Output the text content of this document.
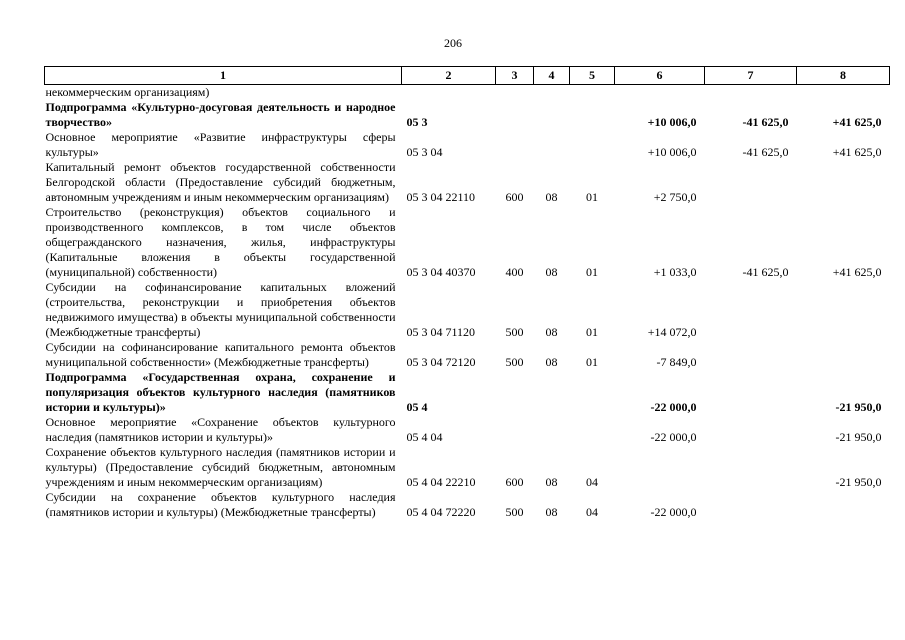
206
1	2	3	4	5	6	7	8
некоммерческим организациям)							
Подпрограмма «Культурно-досуговая деятельность и народное творчество»	05 3				+10 006,0	-41 625,0	+41 625,0
Основное мероприятие «Развитие инфраструктуры сферы культуры»	05 3 04				+10 006,0	-41 625,0	+41 625,0
Капитальный ремонт объектов государственной собственности Белгородской области (Предоставление субсидий бюджетным, автономным учреждениям и иным некоммерческим организациям)	05 3 04 22110	600	08	01	+2 750,0		
Строительство (реконструкция) объектов социального и производственного комплексов, в том числе объектов общегражданского назначения, жилья, инфраструктуры (Капитальные вложения в объекты государственной (муниципальной) собственности)	05 3 04 40370	400	08	01	+1 033,0	-41 625,0	+41 625,0
Субсидии на софинансирование капитальных вложений (строительства, реконструкции и приобретения объектов недвижимого имущества) в объекты муниципальной собственности (Межбюджетные трансферты)	05 3 04 71120	500	08	01	+14 072,0		
Субсидии на софинансирование капитального ремонта объектов муниципальной собственности» (Межбюджетные трансферты)	05 3 04 72120	500	08	01	-7 849,0		
Подпрограмма «Государственная охрана, сохранение и популяризация объектов культурного наследия (памятников истории и культуры)»	05 4				-22 000,0		-21 950,0
Основное мероприятие «Сохранение объектов культурного наследия (памятников истории и культуры)»	05 4 04				-22 000,0		-21 950,0
Сохранение объектов культурного наследия (памятников истории и культуры) (Предоставление субсидий бюджетным, автономным учреждениям и иным некоммерческим организациям)	05 4 04 22210	600	08	04			-21 950,0
Субсидии на сохранение объектов культурного наследия (памятников истории и культуры) (Межбюджетные трансферты)	05 4 04 72220	500	08	04	-22 000,0		
